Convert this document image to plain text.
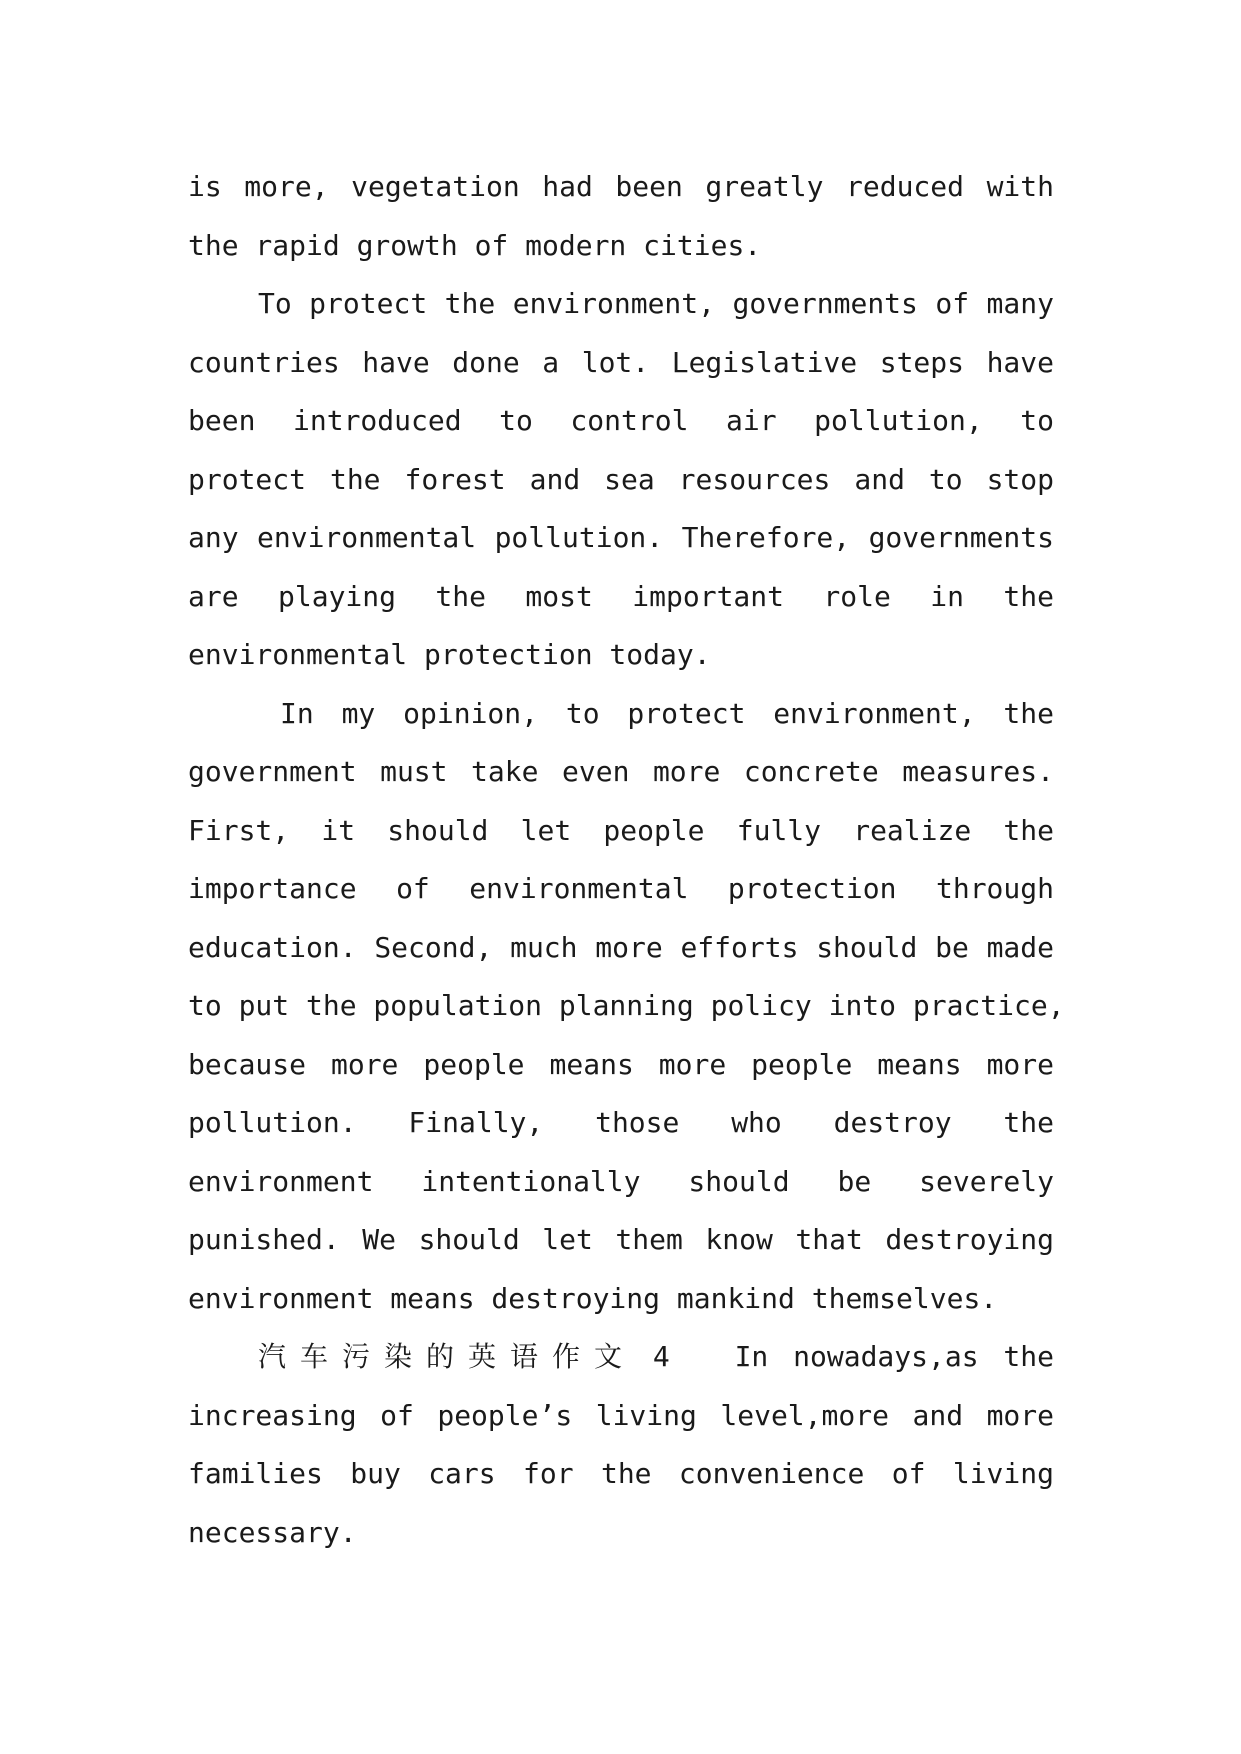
is more, vegetation had been greatly reduced with
the rapid growth of modern cities.
To protect the environment, governments of many
countries have done a lot. Legislative steps have
been introduced to control air pollution, to
protect the forest and sea resources and to stop
any environmental pollution. Therefore, governments
are playing the most important role in the
environmental protection today.
In my opinion, to protect environment, the
government must take even more concrete measures.
First, it should let people fully realize the
importance of environmental protection through
education. Second, much more efforts should be made
to put the population planning policy into practice,
because more people means more people means more
pollution. Finally, those who destroy the
environment intentionally should be severely
punished. We should let them know that destroying
environment means destroying mankind themselves.
汽车污染的英语作文 4 In nowadays,as the
increasing of people’s living level,more and more
families buy cars for the convenience of living
necessary.
